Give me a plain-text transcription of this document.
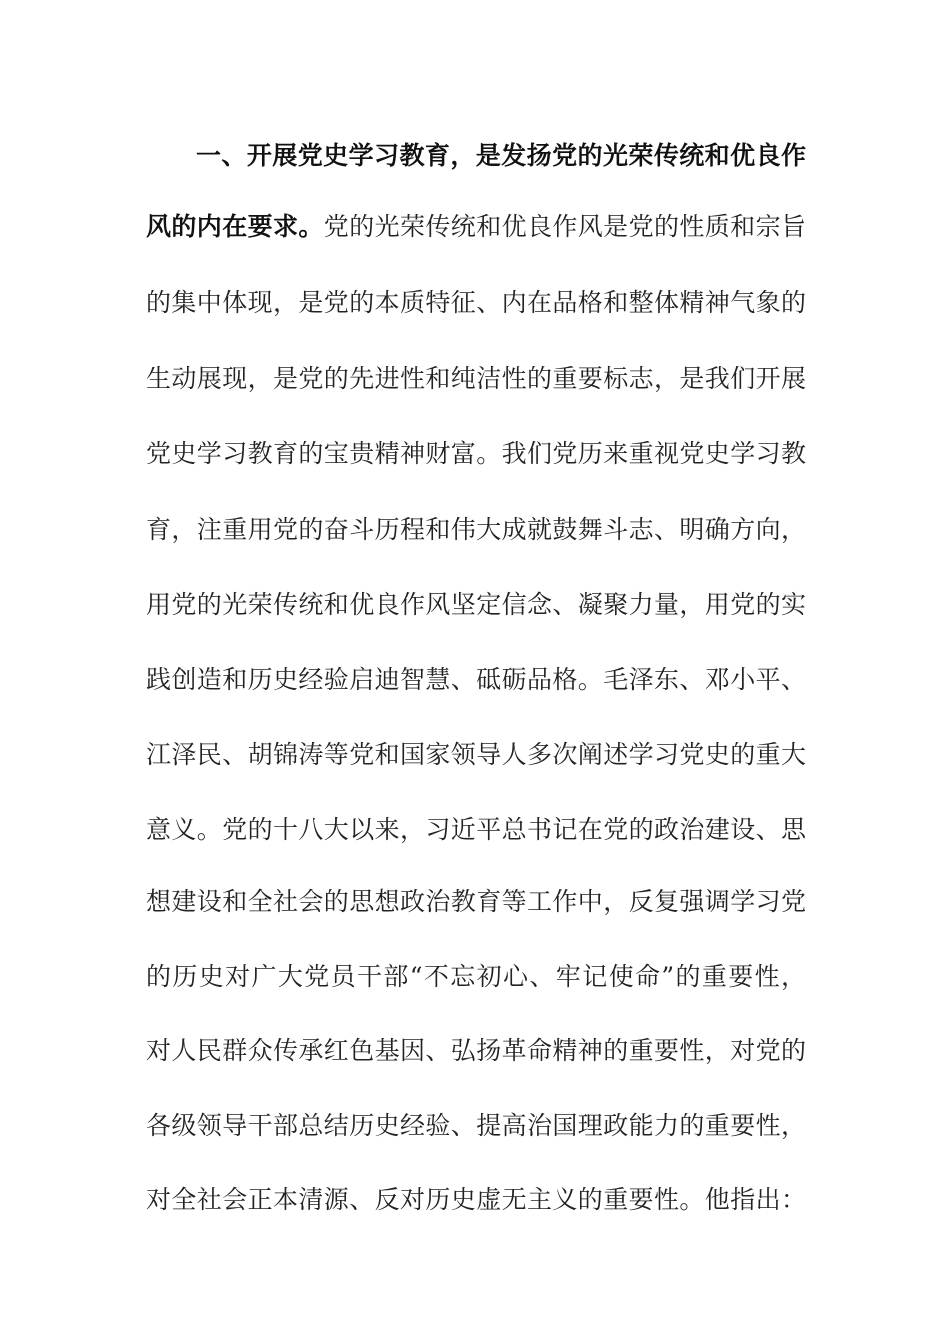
一、开展党史学习教育，是发扬党的光荣传统和优良作
风的内在要求。党的光荣传统和优良作风是党的性质和宗旨
的集中体现，是党的本质特征、内在品格和整体精神气象的
生动展现，是党的先进性和纯洁性的重要标志，是我们开展
党史学习教育的宝贵精神财富。我们党历来重视党史学习教
育，注重用党的奋斗历程和伟大成就鼓舞斗志、明确方向，
用党的光荣传统和优良作风坚定信念、凝聚力量，用党的实
践创造和历史经验启迪智慧、砥砺品格。毛泽东、邓小平、
江泽民、胡锦涛等党和国家领导人多次阐述学习党史的重大
意义。党的十八大以来，习近平总书记在党的政治建设、思
想建设和全社会的思想政治教育等工作中，反复强调学习党
的历史对广大党员干部“不忘初心、牢记使命”的重要性，
对人民群众传承红色基因、弘扬革命精神的重要性，对党的
各级领导干部总结历史经验、提高治国理政能力的重要性，
对全社会正本清源、反对历史虚无主义的重要性。他指出：
